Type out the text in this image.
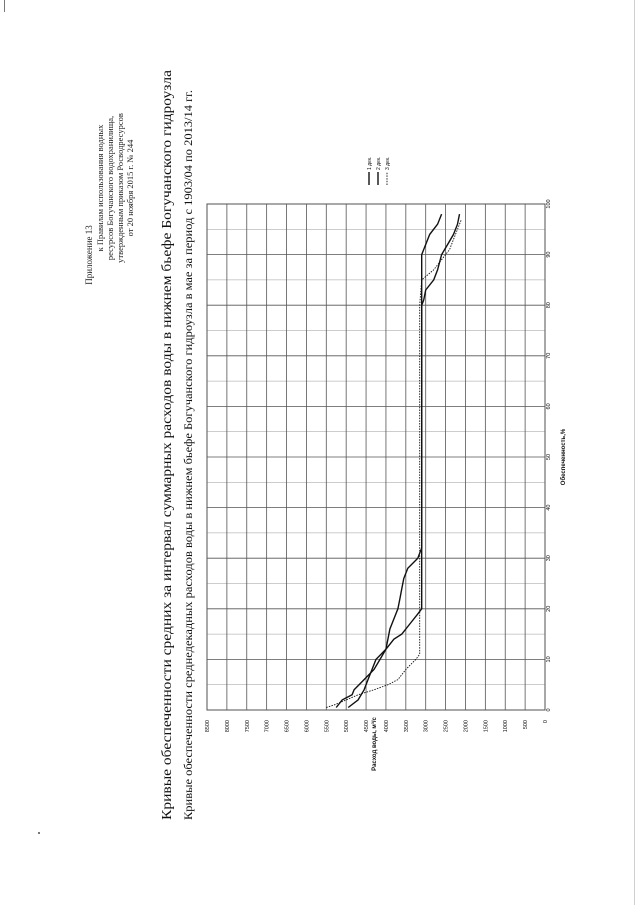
Приложение 13
к Правилам использования водных ресурсов Богучанского водохранилища, утвержденным приказом Росводресурсов от 20 ноября 2015 г. № 244 Кривые обеспеченности средних за интервал суммарных расходов воды в нижнем бьефе Богучанского гидроузла Кривые обеспеченности среднедекадных расходов воды в нижнем бьефе Богучанского гидроузла в мае за период с 1903/04 по 2013/14 гг.	0
10
20
30
40
50
60
70
80
90
100
0
500
1000
1500
2000
2500
3000
3500
4000
4500
5000
5500
6000
6500
7000
7500
8000
8500
Обеспеченность,%
Расход воды, м³/с
1 дек. 2 дек. 3 дек.
